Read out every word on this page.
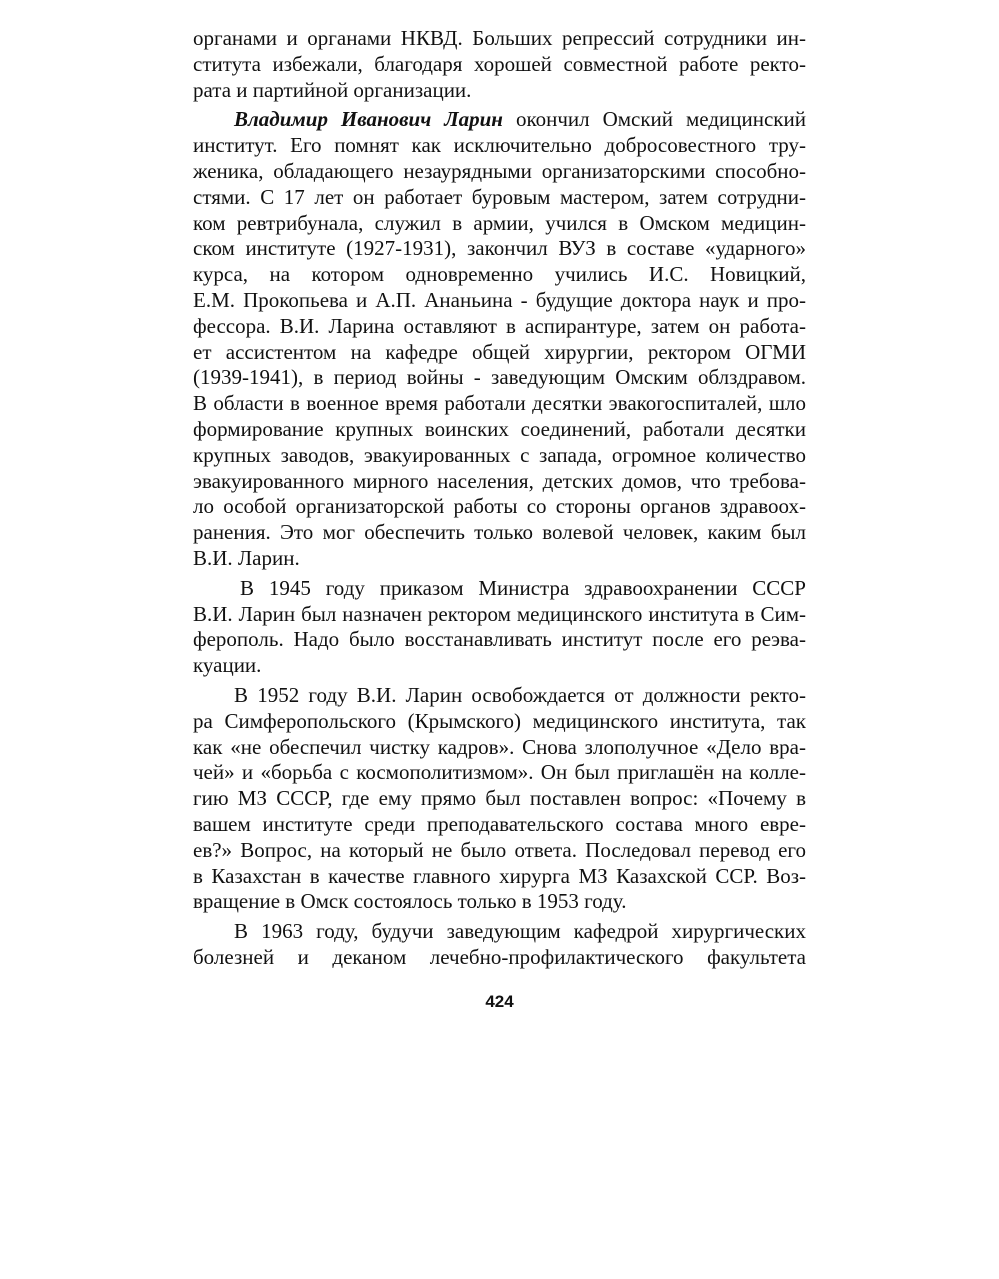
органами и органами НКВД. Больших репрессий сотрудники ин-
ститута избежали, благодаря хорошей совместной работе ректо-
рата и партийной организации.
Владимир Иванович Ларин окончил Омский медицинский
институт. Его помнят как исключительно добросовестного тру-
женика, обладающего незаурядными организаторскими способно-
стями. С 17 лет он работает буровым мастером, затем сотрудни-
ком ревтрибунала, служил в армии, учился в Омском медицин-
ском институте (1927-1931), закончил ВУЗ в составе «ударного»
курса, на котором одновременно учились И.С. Новицкий,
Е.М. Прокопьева и А.П. Ананьина - будущие доктора наук и про-
фессора. В.И. Ларина оставляют в аспирантуре, затем он работа-
ет ассистентом на кафедре общей хирургии, ректором ОГМИ
(1939-1941), в период войны - заведующим Омским облздравом.
В области в военное время работали десятки эвакогоспиталей, шло
формирование крупных воинских соединений, работали десятки
крупных заводов, эвакуированных с запада, огромное количество
эвакуированного мирного населения, детских домов, что требова-
ло особой организаторской работы со стороны органов здравоох-
ранения. Это мог обеспечить только волевой человек, каким был
В.И. Ларин.
В 1945 году приказом Министра здравоохранении СССР
В.И. Ларин был назначен ректором медицинского института в Сим-
ферополь. Надо было восстанавливать институт после его реэва-
куации.
В 1952 году В.И. Ларин освобождается от должности ректо-
ра Симферопольского (Крымского) медицинского института, так
как «не обеспечил чистку кадров». Снова злополучное «Дело вра-
чей» и «борьба с космополитизмом». Он был приглашён на колле-
гию МЗ СССР, где ему прямо был поставлен вопрос: «Почему в
вашем институте среди преподавательского состава много евре-
ев?» Вопрос, на который не было ответа. Последовал перевод его
в Казахстан в качестве главного хирурга МЗ Казахской ССР. Воз-
вращение в Омск состоялось только в 1953 году.
В 1963 году, будучи заведующим кафедрой хирургических
болезней и деканом лечебно-профилактического факультета
424
